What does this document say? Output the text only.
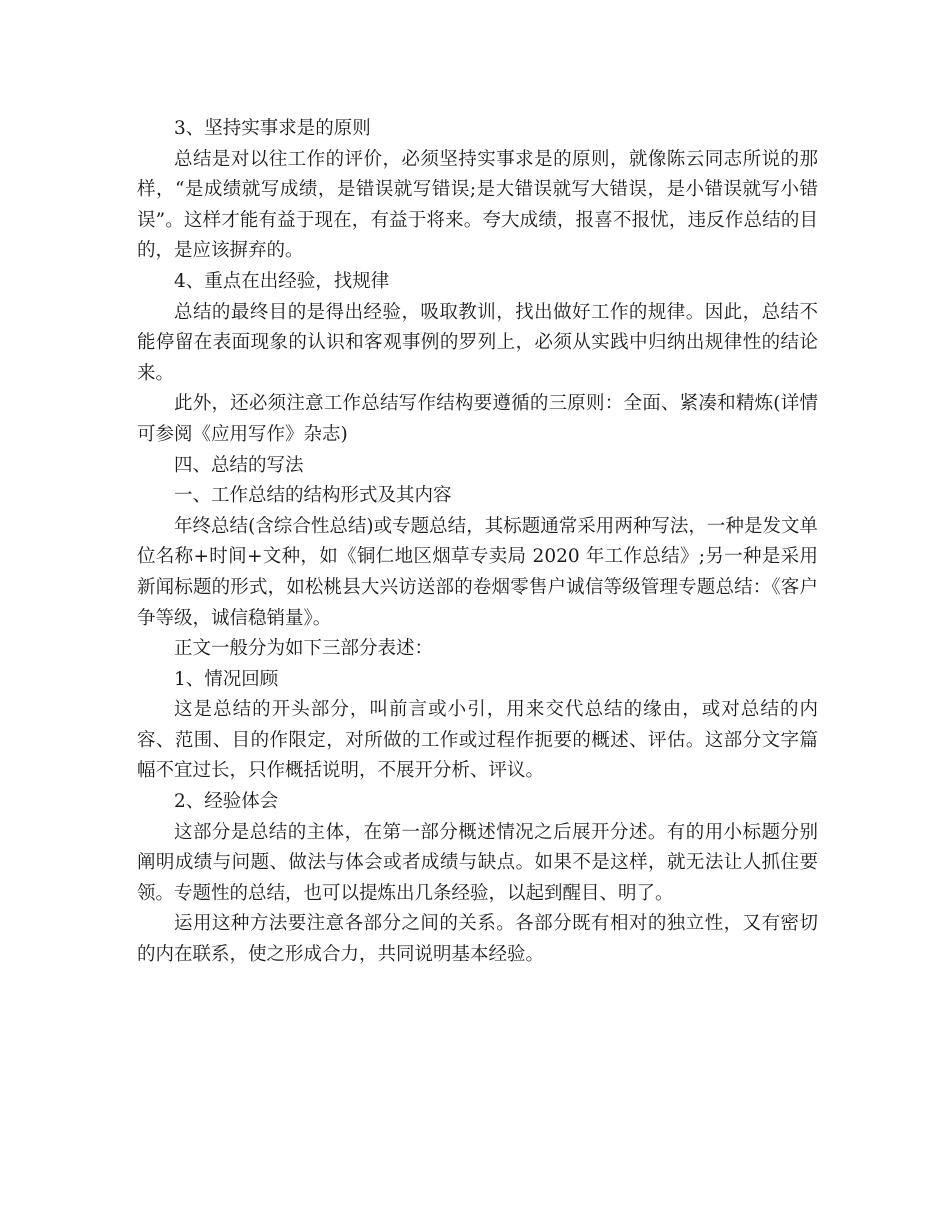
3、坚持实事求是的原则

总结是对以往工作的评价，必须坚持实事求是的原则，就像陈云同志所说的那样，“是成绩就写成绩，是错误就写错误;是大错误就写大错误，是小错误就写小错误”。这样才能有益于现在，有益于将来。夸大成绩，报喜不报忧，违反作总结的目的，是应该摒弃的。

4、重点在出经验，找规律

总结的最终目的是得出经验，吸取教训，找出做好工作的规律。因此，总结不能停留在表面现象的认识和客观事例的罗列上，必须从实践中归纳出规律性的结论来。

此外，还必须注意工作总结写作结构要遵循的三原则：全面、紧凑和精炼(详情可参阅《应用写作》杂志)

四、总结的写法

一、工作总结的结构形式及其内容

年终总结(含综合性总结)或专题总结，其标题通常采用两种写法，一种是发文单位名称+时间+文种，如《铜仁地区烟草专卖局 2020 年工作总结》;另一种是采用新闻标题的形式，如松桃县大兴访送部的卷烟零售户诚信等级管理专题总结：《客户争等级，诚信稳销量》。

正文一般分为如下三部分表述：

1、情况回顾

这是总结的开头部分，叫前言或小引，用来交代总结的缘由，或对总结的内容、范围、目的作限定，对所做的工作或过程作扼要的概述、评估。这部分文字篇幅不宜过长，只作概括说明，不展开分析、评议。

2、经验体会

这部分是总结的主体，在第一部分概述情况之后展开分述。有的用小标题分别阐明成绩与问题、做法与体会或者成绩与缺点。如果不是这样，就无法让人抓住要领。专题性的总结，也可以提炼出几条经验，以起到醒目、明了。

运用这种方法要注意各部分之间的关系。各部分既有相对的独立性，又有密切的内在联系，使之形成合力，共同说明基本经验。
